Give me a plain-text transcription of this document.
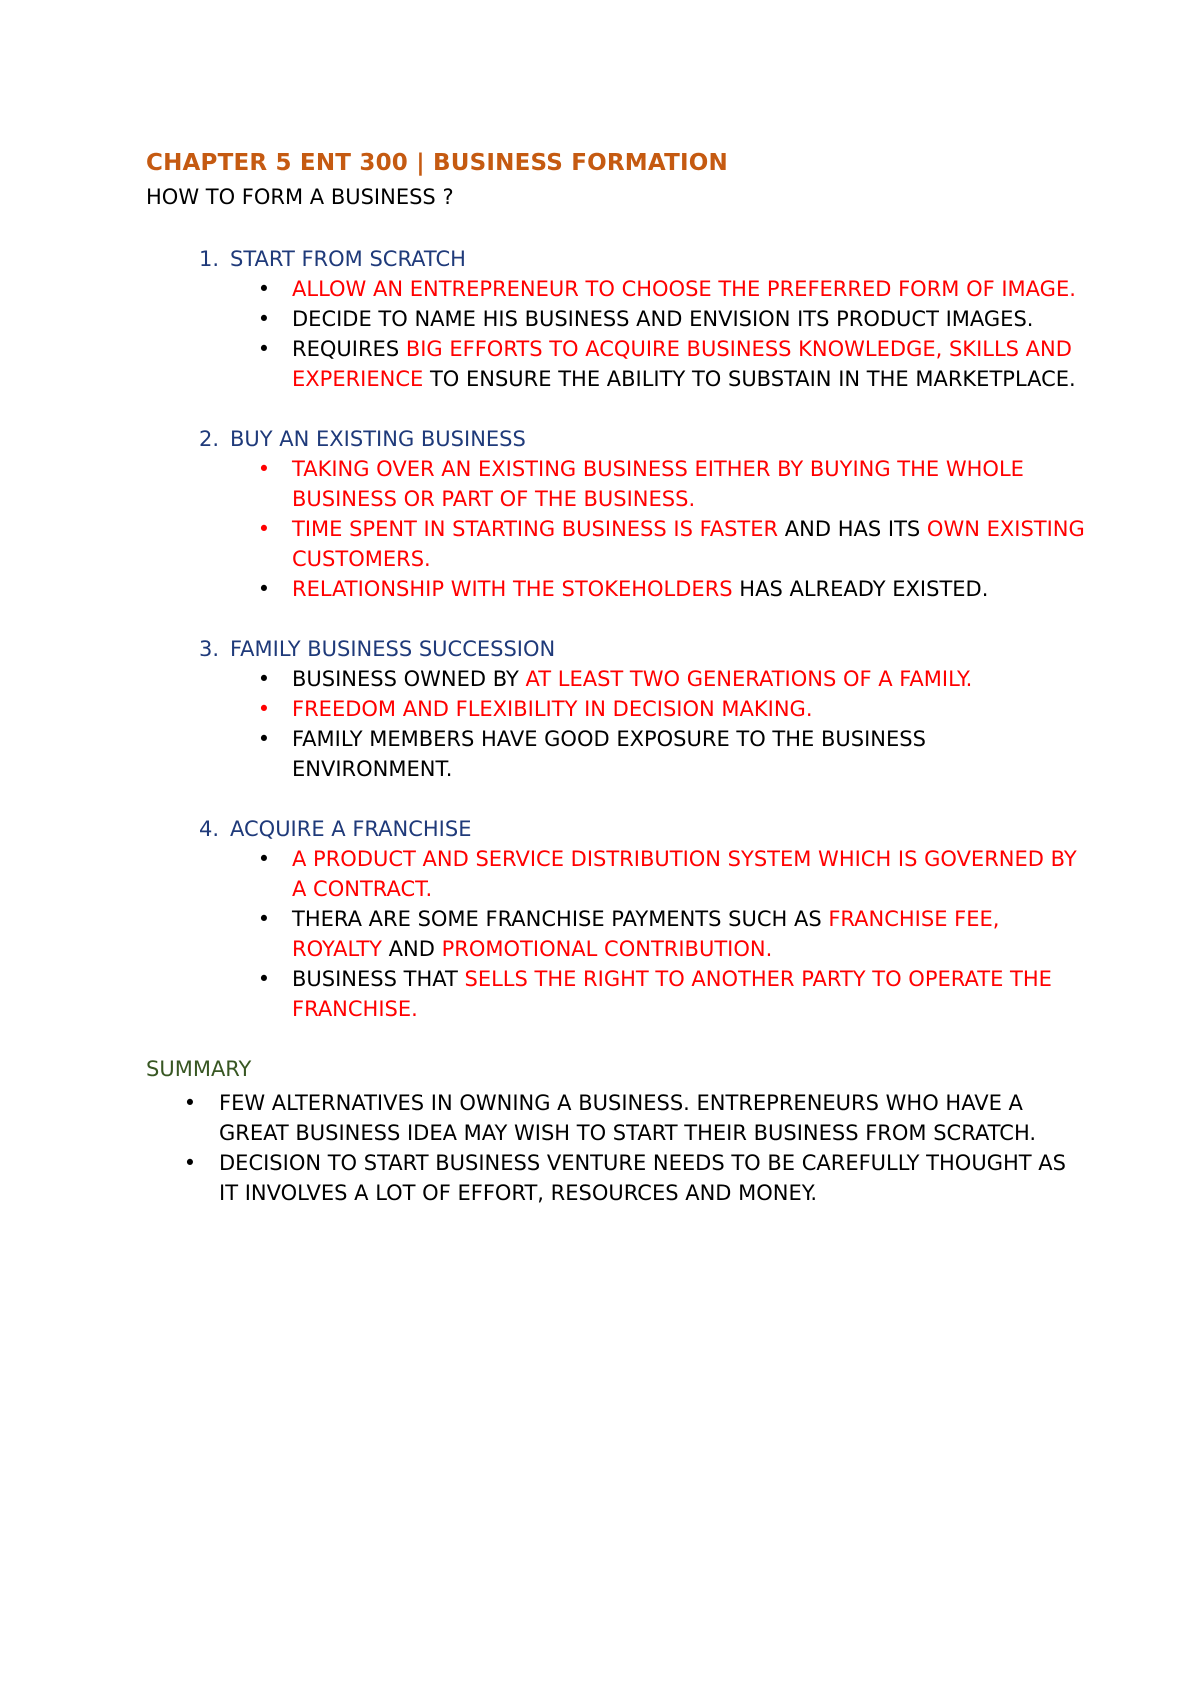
CHAPTER 5 ENT 300 | BUSINESS FORMATION

HOW TO FORM A BUSINESS ?

1. START FROM SCRATCH
• ALLOW AN ENTREPRENEUR TO CHOOSE THE PREFERRED FORM OF IMAGE.
• DECIDE TO NAME HIS BUSINESS AND ENVISION ITS PRODUCT IMAGES.
• REQUIRES BIG EFFORTS TO ACQUIRE BUSINESS KNOWLEDGE, SKILLS AND EXPERIENCE TO ENSURE THE ABILITY TO SUBSTAIN IN THE MARKETPLACE.
2. BUY AN EXISTING BUSINESS
• TAKING OVER AN EXISTING BUSINESS EITHER BY BUYING THE WHOLE BUSINESS OR PART OF THE BUSINESS.
• TIME SPENT IN STARTING BUSINESS IS FASTER AND HAS ITS OWN EXISTING CUSTOMERS.
• RELATIONSHIP WITH THE STOKEHOLDERS HAS ALREADY EXISTED.
3. FAMILY BUSINESS SUCCESSION
• BUSINESS OWNED BY AT LEAST TWO GENERATIONS OF A FAMILY.
• FREEDOM AND FLEXIBILITY IN DECISION MAKING.
• FAMILY MEMBERS HAVE GOOD EXPOSURE TO THE BUSINESS ENVIRONMENT.
4. ACQUIRE A FRANCHISE
• A PRODUCT AND SERVICE DISTRIBUTION SYSTEM WHICH IS GOVERNED BY A CONTRACT.
• THERA ARE SOME FRANCHISE PAYMENTS SUCH AS FRANCHISE FEE, ROYALTY AND PROMOTIONAL CONTRIBUTION.
• BUSINESS THAT SELLS THE RIGHT TO ANOTHER PARTY TO OPERATE THE FRANCHISE.

SUMMARY

• FEW ALTERNATIVES IN OWNING A BUSINESS. ENTREPRENEURS WHO HAVE A GREAT BUSINESS IDEA MAY WISH TO START THEIR BUSINESS FROM SCRATCH.
• DECISION TO START BUSINESS VENTURE NEEDS TO BE CAREFULLY THOUGHT AS IT INVOLVES A LOT OF EFFORT, RESOURCES AND MONEY.
